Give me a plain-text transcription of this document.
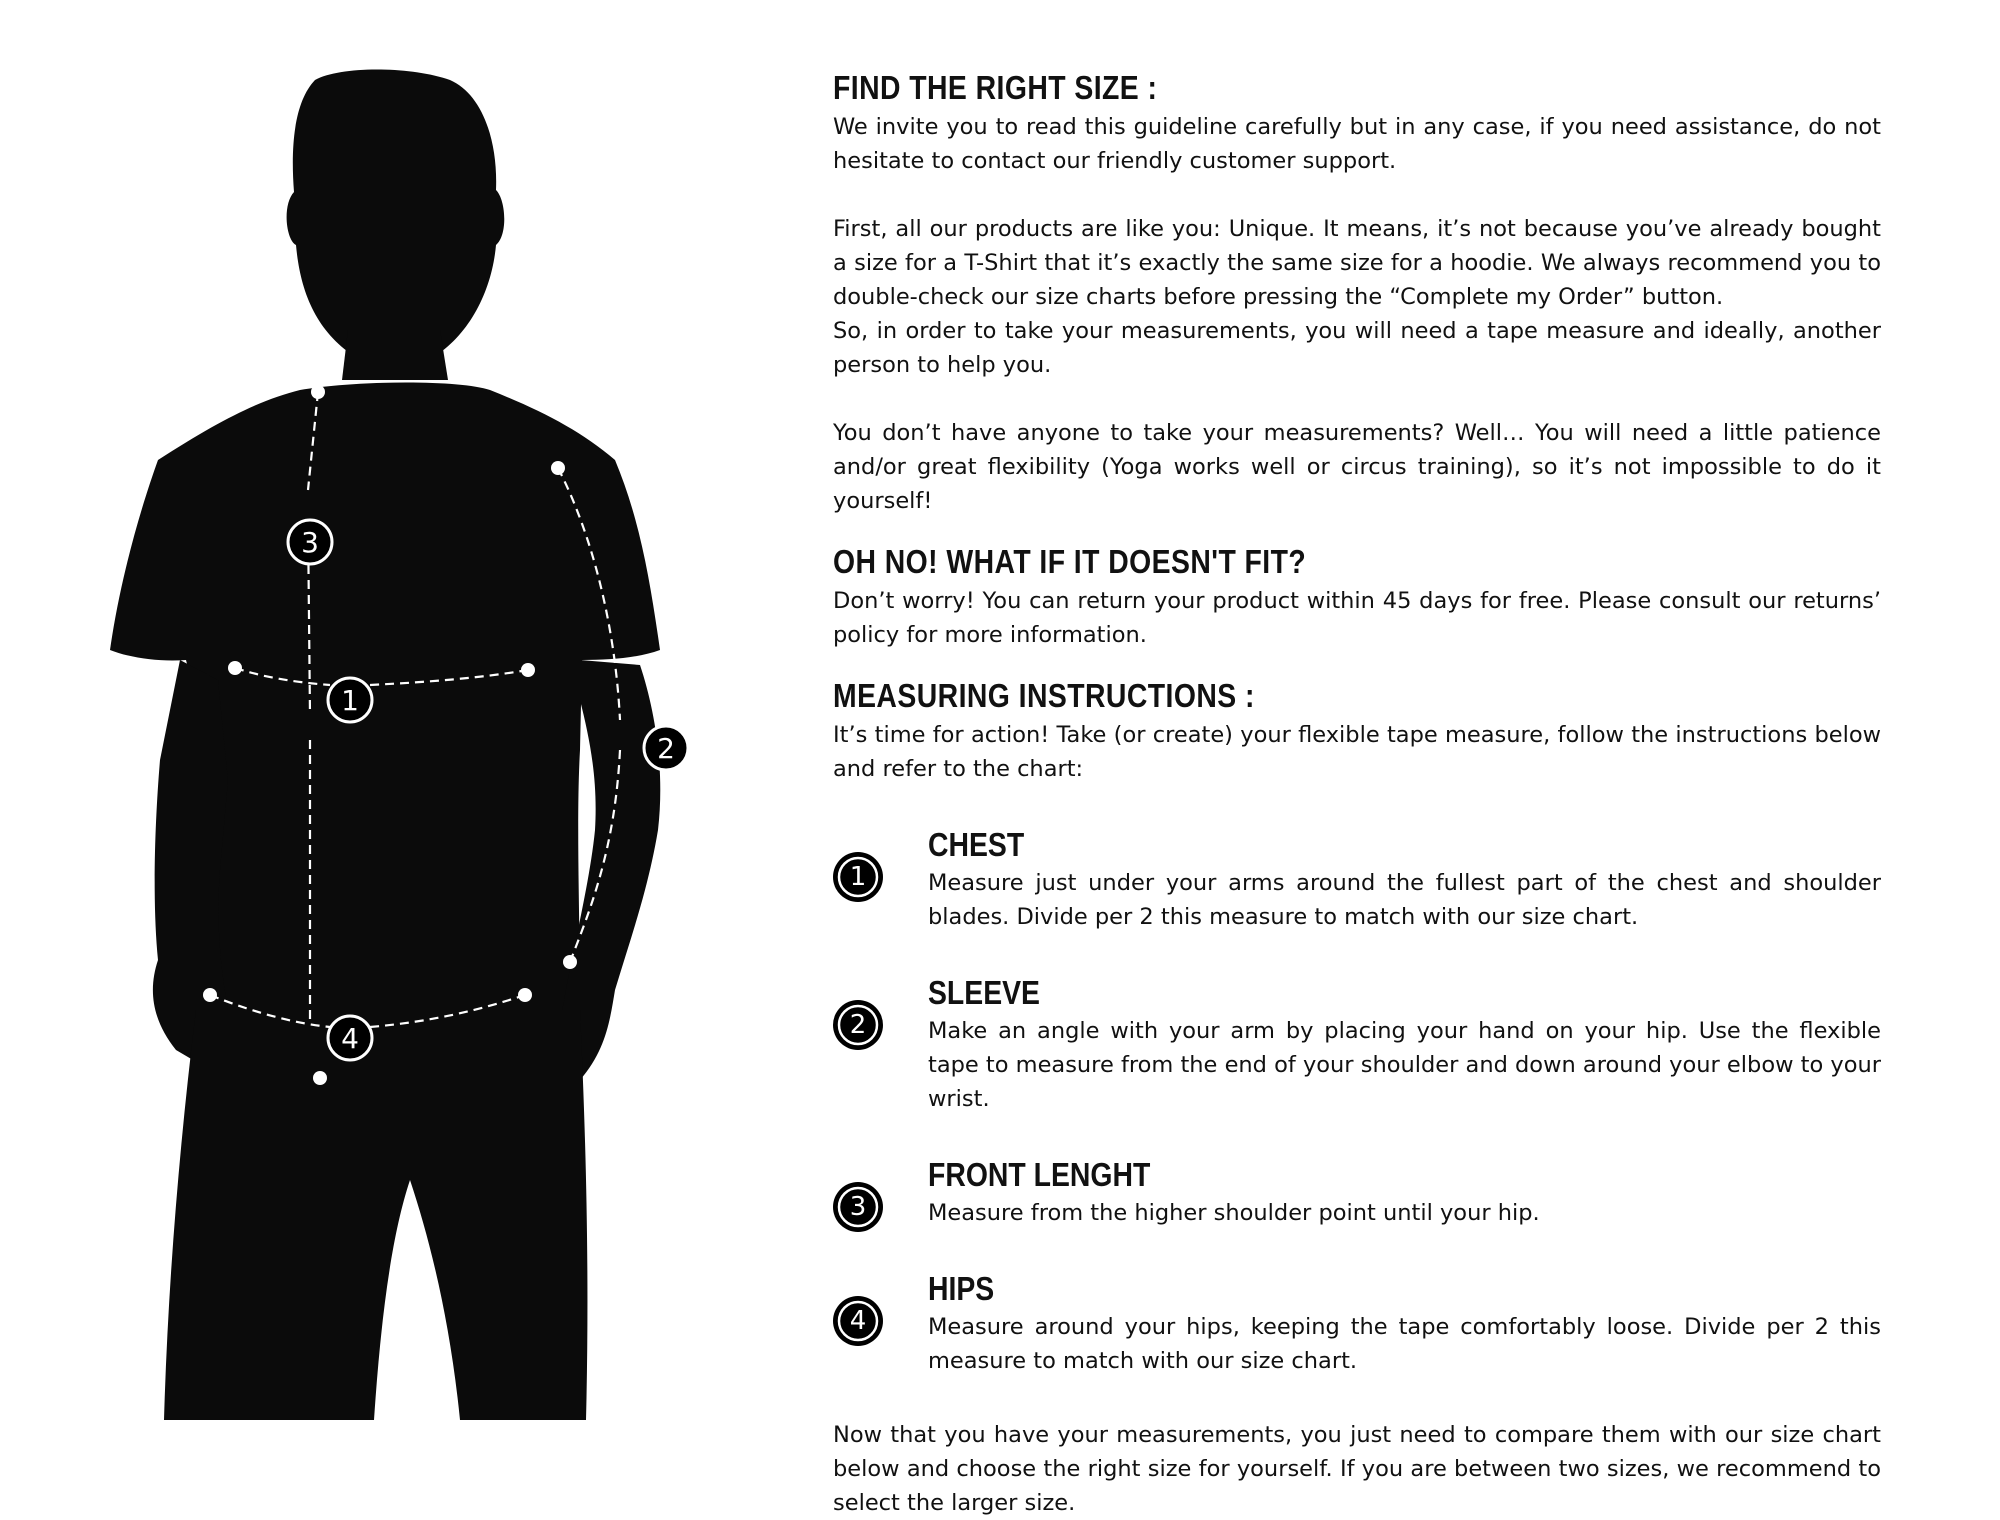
1
2
3
4
FIND THE RIGHT SIZE :

We invite you to read this guideline carefully but in any case, if you need assistance, do not hesitate to contact our friendly customer support.

First, all our products are like you: Unique. It means, it’s not because you’ve already bought a size for a T-Shirt that it’s exactly the same size for a hoodie. We always recommend you to double-check our size charts before pressing the “Complete my Order” button.

So, in order to take your measurements, you will need a tape measure and ideally, another person to help you.

You don’t have anyone to take your measurements? Well… You will need a little patience and/or great flexibility (Yoga works well or circus training), so it’s not impossible to do it yourself!

OH NO! WHAT IF IT DOESN'T FIT?

Don’t worry! You can return your product within 45 days for free. Please consult our returns’ policy for more information.

MEASURING INSTRUCTIONS :

It’s time for action! Take (or create) your flexible tape measure, follow the instructions below and refer to the chart:

1
CHEST

Measure just under your arms around the fullest part of the chest and shoulder blades. Divide per 2 this measure to match with our size chart.

2
SLEEVE

Make an angle with your arm by placing your hand on your hip. Use the flexible tape to measure from the end of your shoulder and down around your elbow to your wrist.

3
FRONT LENGHT

Measure from the higher shoulder point until your hip.

4
HIPS

Measure around your hips, keeping the tape comfortably loose. Divide per 2 this measure to match with our size chart.

Now that you have your measurements, you just need to compare them with our size chart below and choose the right size for yourself. If you are between two sizes, we recommend to select the larger size.
